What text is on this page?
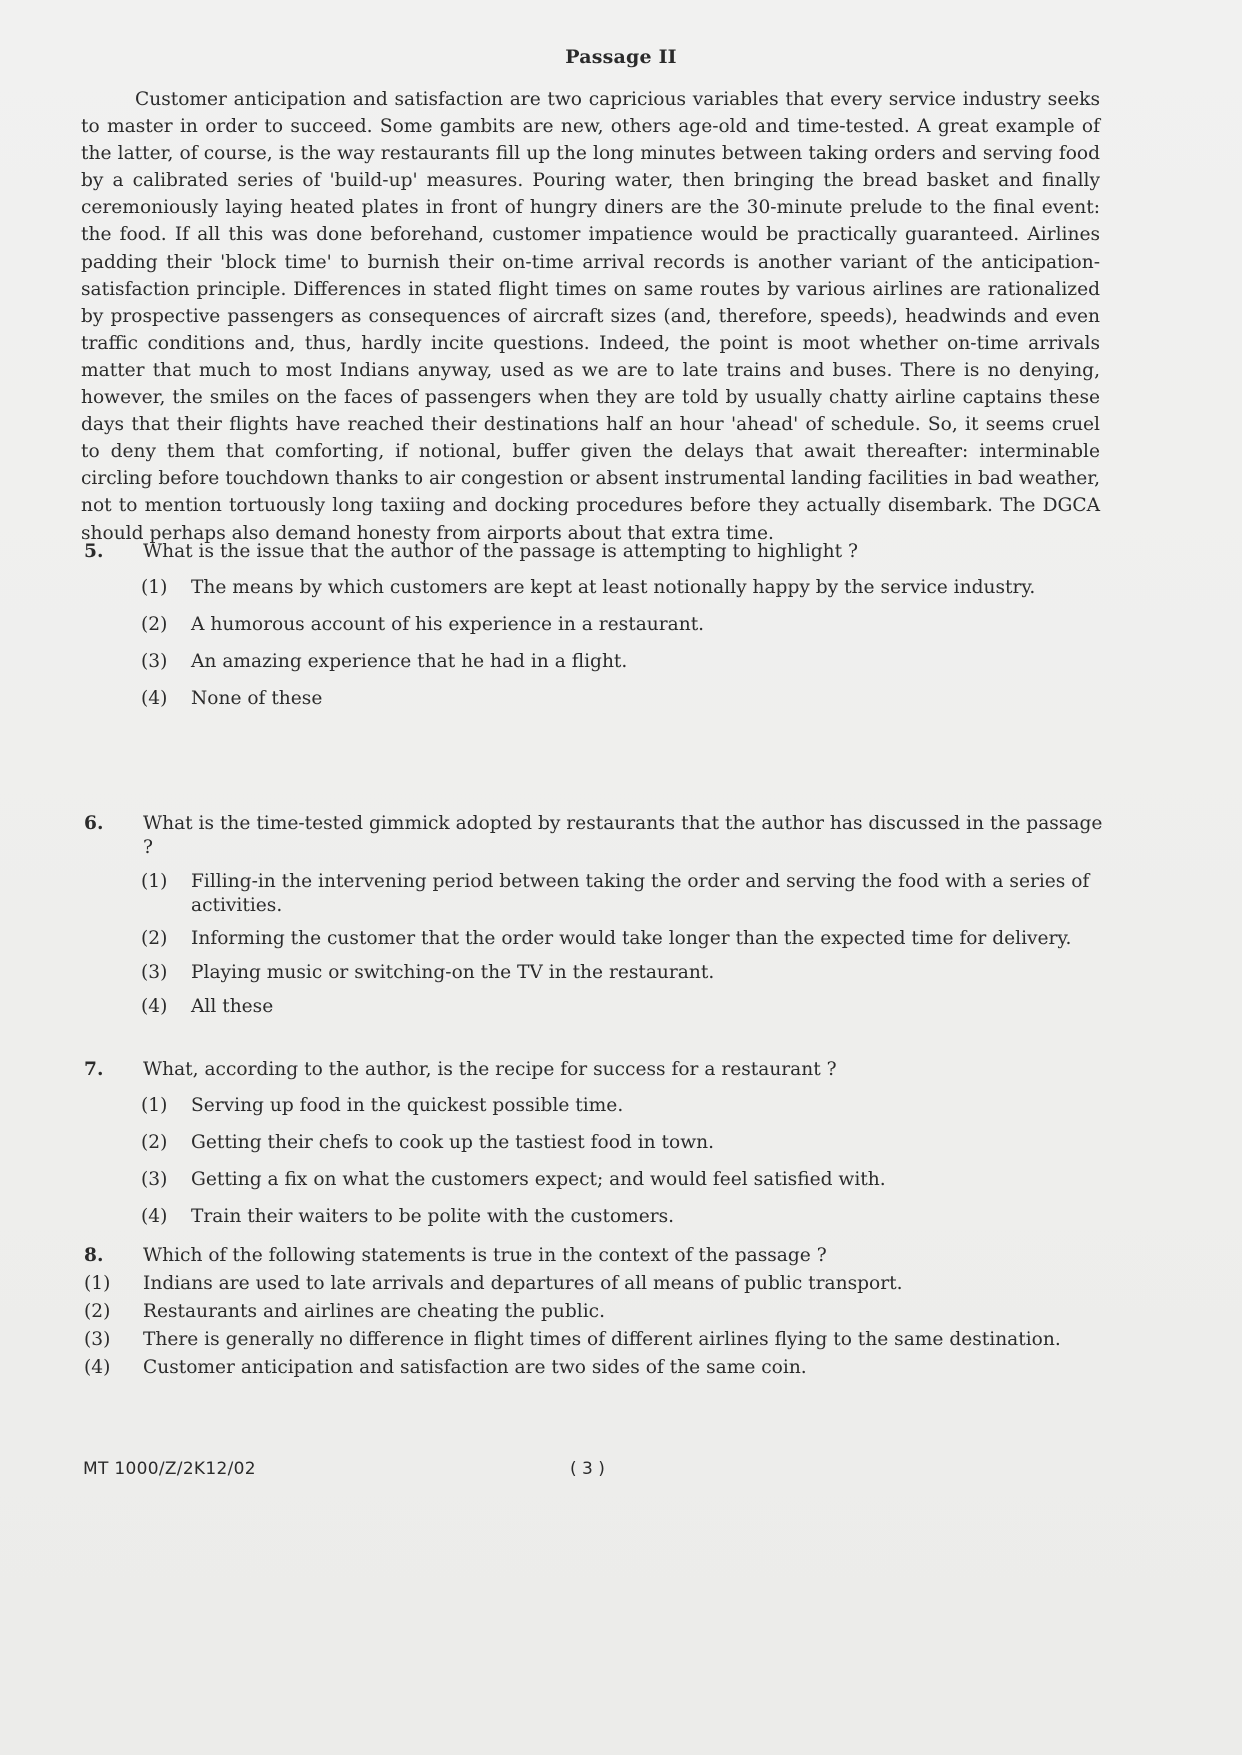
Passage II

Customer anticipation and satisfaction are two capricious variables that every service industry seeks to master in order to succeed. Some gambits are new, others age-old and time-tested. A great example of the latter, of course, is the way restaurants fill up the long minutes between taking orders and serving food by a calibrated series of 'build-up' measures. Pouring water, then bringing the bread basket and finally ceremoniously laying heated plates in front of hungry diners are the 30-minute prelude to the final event: the food. If all this was done beforehand, customer impatience would be practically guaranteed. Airlines padding their 'block time' to burnish their on-time arrival records is another variant of the anticipation-satisfaction principle. Differences in stated flight times on same routes by various airlines are rationalized by prospective passengers as consequences of aircraft sizes (and, therefore, speeds), headwinds and even traffic conditions and, thus, hardly incite questions. Indeed, the point is moot whether on-time arrivals matter that much to most Indians anyway, used as we are to late trains and buses. There is no denying, however, the smiles on the faces of passengers when they are told by usually chatty airline captains these days that their flights have reached their destinations half an hour 'ahead' of schedule. So, it seems cruel to deny them that comforting, if notional, buffer given the delays that await thereafter: interminable circling before touchdown thanks to air congestion or absent instrumental landing facilities in bad weather, not to mention tortuously long taxiing and docking procedures before they actually disembark. The DGCA should perhaps also demand honesty from airports about that extra time.

5.	What is the issue that the author of the passage is attempting to highlight ?
(1)	The means by which customers are kept at least notionally happy by the service industry.
(2)	A humorous account of his experience in a restaurant.
(3)	An amazing experience that he had in a flight.
(4)	None of these
6.	What is the time-tested gimmick adopted by restaurants that the author has discussed in the passage ?
(1)	Filling-in the intervening period between taking the order and serving the food with a series of activities.
(2)	Informing the customer that the order would take longer than the expected time for delivery.
(3)	Playing music or switching-on the TV in the restaurant.
(4)	All these
7.	What, according to the author, is the recipe for success for a restaurant ?
(1)	Serving up food in the quickest possible time.
(2)	Getting their chefs to cook up the tastiest food in town.
(3)	Getting a fix on what the customers expect; and would feel satisfied with.
(4)	Train their waiters to be polite with the customers.
8.	Which of the following statements is true in the context of the passage ?
(1)	Indians are used to late arrivals and departures of all means of public transport.
(2)	Restaurants and airlines are cheating the public.
(3)	There is generally no difference in flight times of different airlines flying to the same destination.
(4)	Customer anticipation and satisfaction are two sides of the same coin.
MT 1000/Z/2K12/02	( 3 )
